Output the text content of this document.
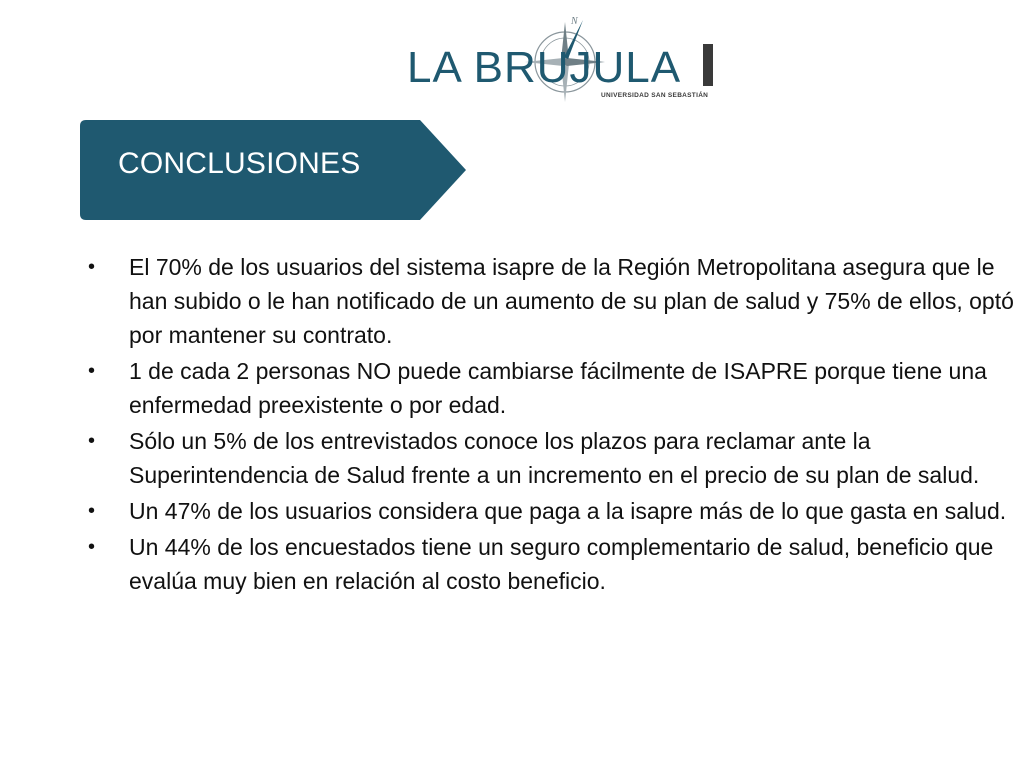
N
LA BRUJULA
UNIVERSIDAD SAN SEBASTIÁN
CONCLUSIONES
• El 70% de los usuarios del sistema isapre de la Región Metropolitana asegura que le han subido o le han notificado de un aumento de su plan de salud y 75% de ellos, optó por mantener su contrato.
• 1 de cada 2 personas NO puede cambiarse fácilmente de ISAPRE porque tiene una enfermedad preexistente o por edad.
• Sólo un 5% de los entrevistados conoce los plazos para reclamar ante la Superintendencia de Salud frente a un incremento en el precio de su plan de salud.
• Un 47% de los usuarios considera que paga a la isapre más de lo que gasta en salud.
• Un 44% de los encuestados tiene un seguro complementario de salud, beneficio que evalúa muy bien en relación al costo beneficio.
